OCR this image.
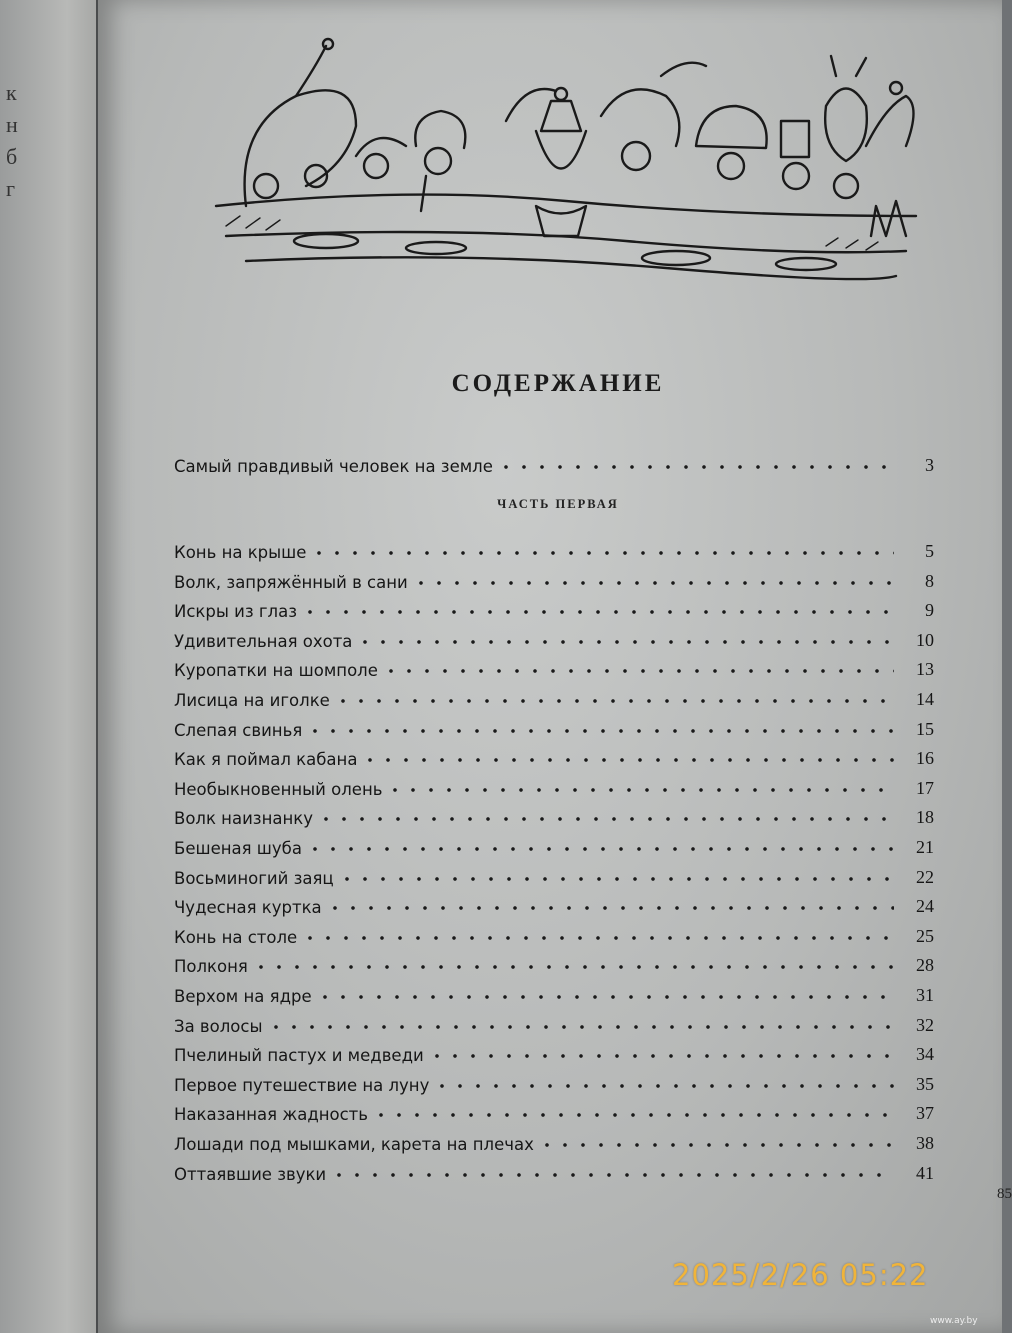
к
н
б
г
СОДЕРЖАНИЕ
Самый правдивый человек на земле	3
ЧАСТЬ ПЕРВАЯ
Конь на крыше	5
Волк, запряжённый в сани	8
Искры из глаз	9
Удивительная охота	10
Куропатки на шомполе	13
Лисица на иголке	14
Слепая свинья	15
Как я поймал кабана	16
Необыкновенный олень	17
Волк наизнанку	18
Бешеная шуба	21
Восьминогий заяц	22
Чудесная куртка	24
Конь на столе	25
Полконя	28
Верхом на ядре	31
За волосы	32
Пчелиный пастух и медведи	34
Первое путешествие на луну	35
Наказанная жадность	37
Лошади под мышками, карета на плечах	38
Оттаявшие звуки	41
85
2025/2/26 05:22
www.ay.by
